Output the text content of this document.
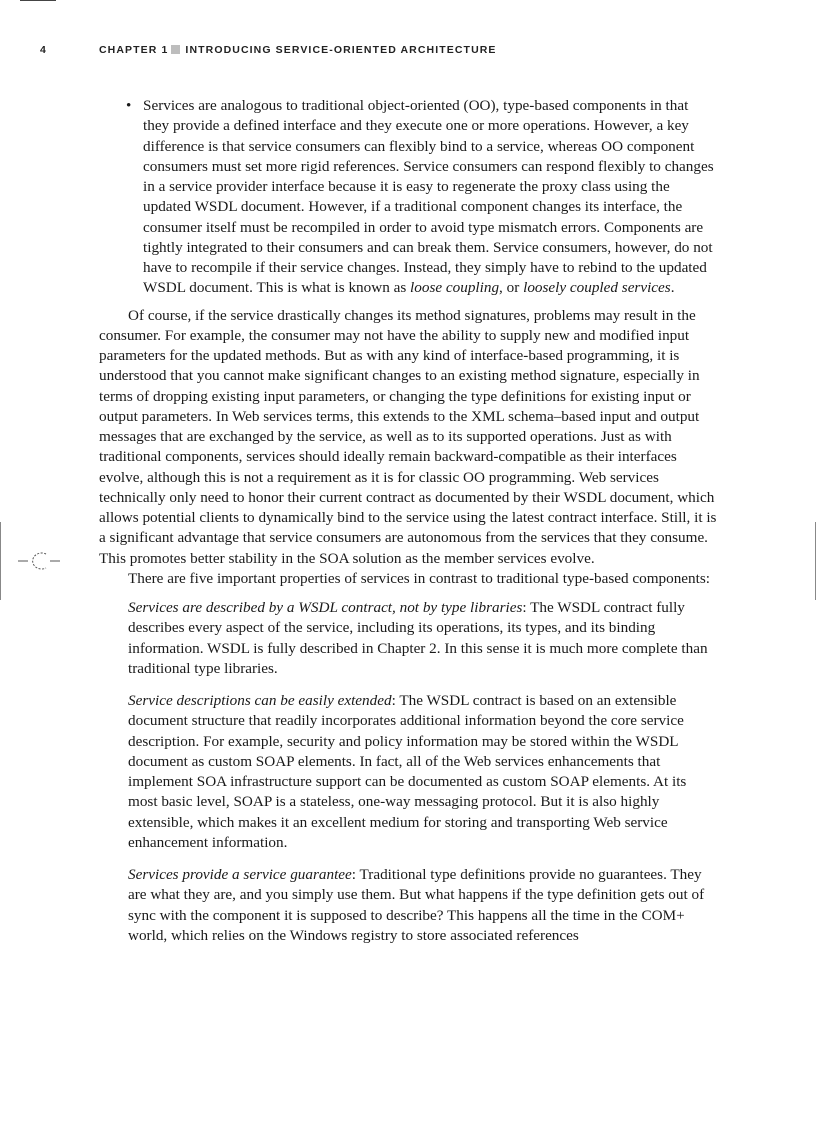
4	CHAPTER 1 INTRODUCING SERVICE-ORIENTED ARCHITECTURE
• Services are analogous to traditional object-oriented (OO), type-based components in that they provide a defined interface and they execute one or more operations. However, a key difference is that service consumers can flexibly bind to a service, whereas OO component consumers must set more rigid references. Service consumers can respond flexibly to changes in a service provider interface because it is easy to regenerate the proxy class using the updated WSDL document. However, if a traditional component changes its interface, the consumer itself must be recompiled in order to avoid type mismatch errors. Components are tightly integrated to their consumers and can break them. Service consumers, however, do not have to recompile if their service changes. Instead, they simply have to rebind to the updated WSDL document. This is what is known as loose coupling, or loosely coupled services.

Of course, if the service drastically changes its method signatures, problems may result in the consumer. For example, the consumer may not have the ability to supply new and modified input parameters for the updated methods. But as with any kind of interface-based programming, it is understood that you cannot make significant changes to an existing method signature, especially in terms of dropping existing input parameters, or changing the type definitions for existing input or output parameters. In Web services terms, this extends to the XML schema–based input and output messages that are exchanged by the service, as well as to its supported operations. Just as with traditional components, services should ideally remain backward-compatible as their interfaces evolve, although this is not a requirement as it is for classic OO programming. Web services technically only need to honor their current contract as documented by their WSDL document, which allows potential clients to dynamically bind to the service using the latest contract interface. Still, it is a significant advantage that service consumers are autonomous from the services that they consume. This promotes better stability in the SOA solution as the member services evolve.

There are five important properties of services in contrast to traditional type-based components:

Services are described by a WSDL contract, not by type libraries: The WSDL contract fully describes every aspect of the service, including its operations, its types, and its binding information. WSDL is fully described in Chapter 2. In this sense it is much more complete than traditional type libraries.

Service descriptions can be easily extended: The WSDL contract is based on an extensible document structure that readily incorporates additional information beyond the core service description. For example, security and policy information may be stored within the WSDL document as custom SOAP elements. In fact, all of the Web services enhancements that implement SOA infrastructure support can be documented as custom SOAP elements. At its most basic level, SOAP is a stateless, one-way messaging protocol. But it is also highly extensible, which makes it an excellent medium for storing and transporting Web service enhancement information.

Services provide a service guarantee: Traditional type definitions provide no guarantees. They are what they are, and you simply use them. But what happens if the type definition gets out of sync with the component it is supposed to describe? This happens all the time in the COM+ world, which relies on the Windows registry to store associated references
